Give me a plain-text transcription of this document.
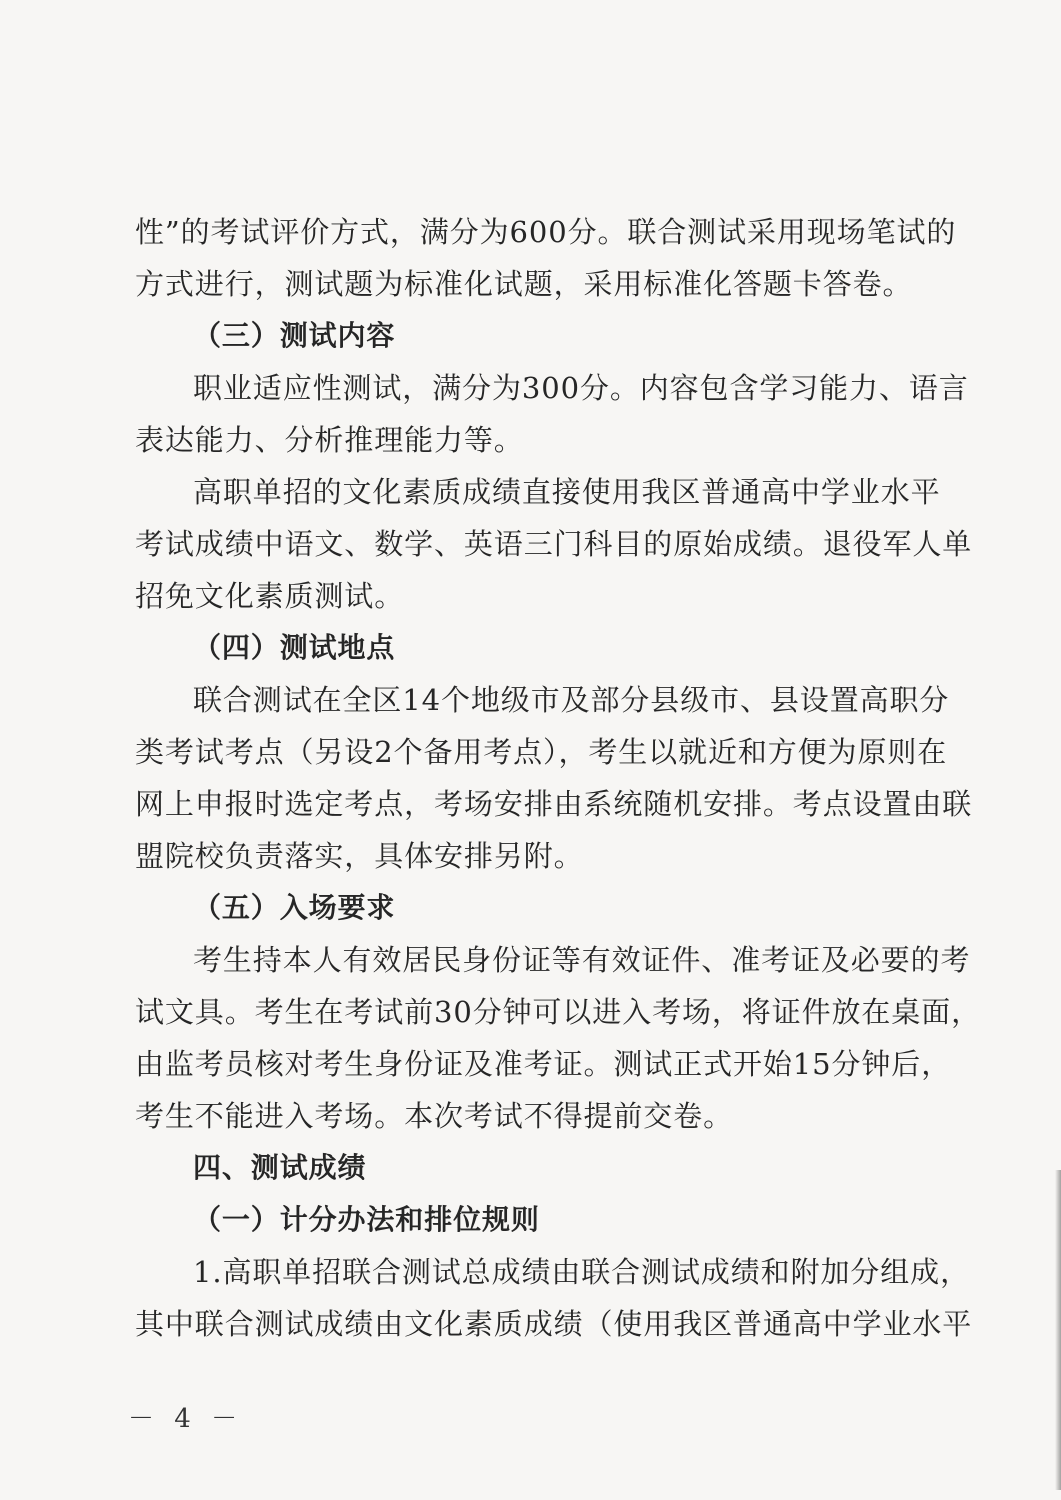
性”的考试评价方式，满分为600分。联合测试采用现场笔试的
方式进行，测试题为标准化试题，采用标准化答题卡答卷。
（三）测试内容
职业适应性测试，满分为300分。内容包含学习能力、语言
表达能力、分析推理能力等。
高职单招的文化素质成绩直接使用我区普通高中学业水平
考试成绩中语文、数学、英语三门科目的原始成绩。退役军人单
招免文化素质测试。
（四）测试地点
联合测试在全区14个地级市及部分县级市、县设置高职分
类考试考点（另设2个备用考点），考生以就近和方便为原则在
网上申报时选定考点，考场安排由系统随机安排。考点设置由联
盟院校负责落实，具体安排另附。
（五）入场要求
考生持本人有效居民身份证等有效证件、准考证及必要的考
试文具。考生在考试前30分钟可以进入考场，将证件放在桌面，
由监考员核对考生身份证及准考证。测试正式开始15分钟后，
考生不能进入考场。本次考试不得提前交卷。
四、测试成绩
（一）计分办法和排位规则
1.高职单招联合测试总成绩由联合测试成绩和附加分组成，
其中联合测试成绩由文化素质成绩（使用我区普通高中学业水平
－ 4 －
